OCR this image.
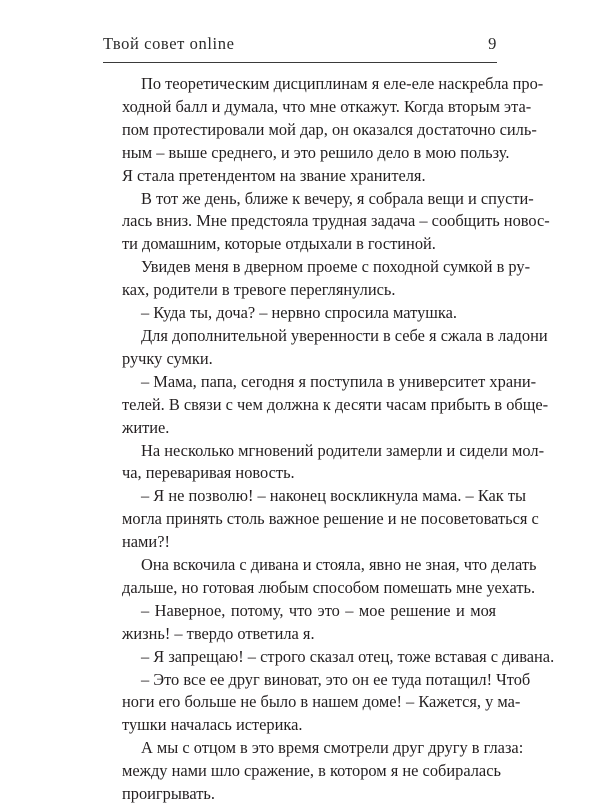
Твой совет online	9

По теоретическим дисциплинам я еле-еле наскребла про-
ходной балл и думала, что мне откажут. Когда вторым эта-
пом протестировали мой дар, он оказался достаточно силь-
ным – выше среднего, и это решило дело в мою пользу.
Я стала претендентом на звание хранителя.

В тот же день, ближе к вечеру, я собрала вещи и спусти-
лась вниз. Мне предстояла трудная задача – сообщить новос-
ти домашним, которые отдыхали в гостиной.

Увидев меня в дверном проеме с походной сумкой в ру-
ках, родители в тревоге переглянулись.

– Куда ты, доча? – нервно спросила матушка.

Для дополнительной уверенности в себе я сжала в ладони
ручку сумки.

– Мама, папа, сегодня я поступила в университет храни-
телей. В связи с чем должна к десяти часам прибыть в обще-
житие.

На несколько мгновений родители замерли и сидели мол-
ча, переваривая новость.

– Я не позволю! – наконец воскликнула мама. – Как ты
могла принять столь важное решение и не посоветоваться с
нами?!

Она вскочила с дивана и стояла, явно не зная, что делать
дальше, но готовая любым способом помешать мне уехать.

– Наверное, потому, что это – мое решение и моя
жизнь! – твердо ответила я.

– Я запрещаю! – строго сказал отец, тоже вставая с дивана.

– Это все ее друг виноват, это он ее туда потащил! Чтоб
ноги его больше не было в нашем доме! – Кажется, у ма-
тушки началась истерика.

А мы с отцом в это время смотрели друг другу в глаза:
между нами шло сражение, в котором я не собиралась
проигрывать.
